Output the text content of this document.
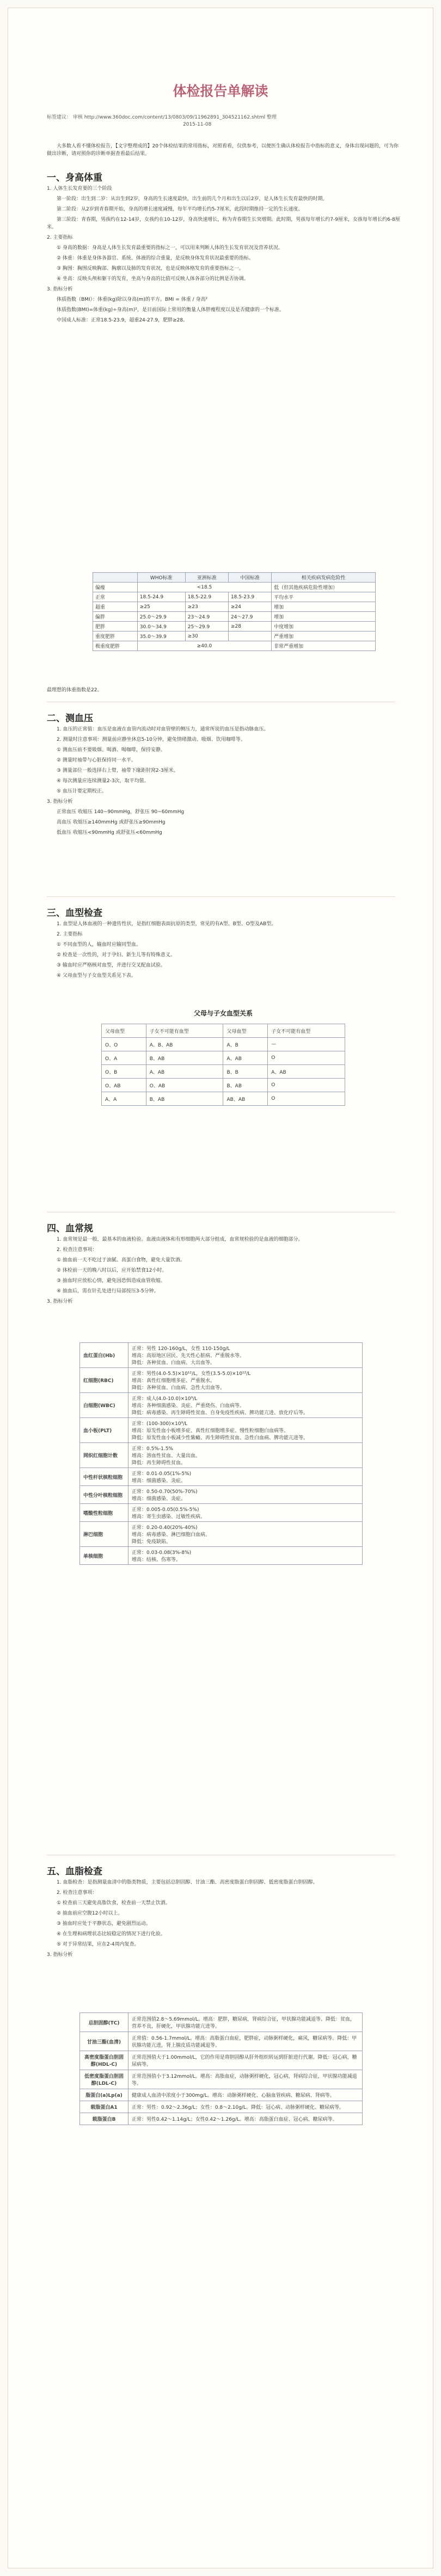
体检报告单解读
标签建议： 审核 http://www.360doc.com/content/13/0803/09/11962891_304521162.shtml 整理
2015-11-08

大多数人看不懂体检报告，【文字整理成的】20个体检结果的常用指标，对照看看，仅供参考，以便医生确认体检报告中指标的意义，身体出现问题的，可为你做出诊断，请对照你的诊断单据查看最后结果。

一、身高体重

1. 人体生长发育要的三个阶段

第一阶段：出生到二岁：从出生到2岁，身高的生长速度最快，出生前的几个月和出生以后2岁，是人体生长发育最快的时期。

第二阶段：从2岁到青春期开始，身高的增长速度减慢，每年平均增长约5-7厘米，此段时期维持一定的生长速度。

第三阶段：青春期，男孩约在12-14岁，女孩约在10-12岁，身高快速增长，称为青春期生长突增期。此时期，男孩每年增长约7-9厘米，女孩每年增长约6-8厘米。

2. 主要指标

① 身高的数据：身高是人体生长发育最重要的指标之一，可以用来判断人体的生长发育状况及营养状况。

② 体重：体重是身体各器官、系统、体液的综合重量，是反映身体发育状况最重要的指标。

③ 胸围：胸围反映胸部、胸廓以及肺的发育状况，也是反映体格发育的重要指标之一。

④ 坐高：反映头颅和躯干的发育，坐高与身高的比值可反映人体各部分的比例是否协调。

3. 指标分析

体质指数（BMI）：体重(kg)除以身高(m)的平方。BMI = 体重 / 身高²

体质指数(BMI)=体重(kg)÷身高(m)²，是目前国际上常用的衡量人体胖瘦程度以及是否健康的一个标准。

中国成人标准：正常18.5-23.9，超重24-27.9，肥胖≥28。

	WHO标准	亚洲标准	中国标准	相关疾病发病危险性
偏瘦	<18.5			低（但其他疾病危险性增加）
正常	18.5-24.9	18.5-22.9	18.5-23.9	平均水平
超重	≥25	≥23	≥24	增加
偏胖	25.0～29.9	23～24.9	24～27.9	增加
肥胖	30.0～34.9	25～29.9	≥28	中度增加
重度肥胖	35.0～39.9	≥30		严重增加
极重度肥胖	≥40.0			非常严重增加
最理想的体重指数是22。
二、测血压

1. 血压的正常值：血压是血液在血管内流动时对血管壁的侧压力，通常所说的血压是指动脉血压。

2. 测量时注意事项：测量前应静坐休息5-10分钟，避免情绪激动、吸烟、饮用咖啡等。

① 测血压前不要吸烟、喝酒、喝咖啡，保持安静。

② 测量时袖带与心脏保持同一水平。

③ 测量部位一般选择右上臂，袖带下缘距肘窝2-3厘米。

④ 每次测量应连续测量2-3次，取平均值。

⑤ 血压计要定期校正。

3. 指标分析

正常血压 收缩压 140~90mmHg，舒张压 90~60mmHg

高血压 收缩压≥140mmHg 或舒张压≥90mmHg

低血压 收缩压<90mmHg 或舒张压<60mmHg

三、血型检查

1. 血型是人体血液的一种遗传性状，是指红细胞表面抗原的类型，常见的有A型、B型、O型及AB型。

2. 主要指标

① 不同血型的人，输血时应输同型血。

② 检查是一次性的，对于孕妇、新生儿等有特殊意义。

③ 输血时应严格核对血型，并进行交叉配血试验。

④ 父母血型与子女血型关系见下表。

父母与子女血型关系
父母血型	子女不可能有血型	父母血型	子女不可能有血型
O、O	A、B、AB	A、B	—
O、A	B、AB	A、AB	O
O、B	A、AB	B、B	A、AB
O、AB	O、AB	B、AB	O
A、A	B、AB	AB、AB	O
四、血常规

1. 血常规是最一般，最基本的血液检验。血液由液体和有形细胞两大部分组成，血常规检验的是血液的细胞部分。

2. 检查注意事项：

① 抽血前一天不吃过于油腻、高蛋白食物，避免大量饮酒。

② 体检前一天的晚八时以后，应开始禁食12小时。

③ 抽血时应放松心情，避免因恐惧造成血管收缩。

④ 抽血后，需在针孔处进行局部按压3-5分钟。

3. 指标分析

血红蛋白(Hb)	正常：男性 120-160g/L，女性 110-150g/L
增高：高原地区居民、先天性心脏病、严重脱水等。
降低：各种贫血、白血病、大出血等。
红细胞(RBC)	正常：男性(4.0-5.5)×10¹²/L，女性(3.5-5.0)×10¹²/L
增高：真性红细胞增多症、严重脱水。
降低：各种贫血、白血病、急性大出血等。
白细胞(WBC)	正常：成人(4.0-10.0)×10⁹/L
增高：各种细菌感染、炎症、严重烧伤、白血病等。
降低：病毒感染、再生障碍性贫血、自身免疫性疾病、脾功能亢进、放化疗后等。
血小板(PLT)	正常：(100-300)×10⁹/L
增高：原发性血小板增多症、真性红细胞增多症、慢性粒细胞白血病等。
降低：原发性血小板减少性紫癜、再生障碍性贫血、急性白血病、脾功能亢进等。
网织红细胞计数	正常：0.5%-1.5%
增高：溶血性贫血、大量出血。
降低：再生障碍性贫血。
中性杆状核粒细胞	正常：0.01-0.05(1%-5%)
增高：细菌感染、炎症。
中性分叶核粒细胞	正常：0.50-0.70(50%-70%)
增高：细菌感染、炎症。
嗜酸性粒细胞	正常：0.005-0.05(0.5%-5%)
增高：寄生虫感染、过敏性疾病。
淋巴细胞	正常：0.20-0.40(20%-40%)
增高：病毒感染、淋巴细胞白血病。
降低：免疫缺陷。
单核细胞	正常：0.03-0.08(3%-8%)
增高：结核、伤寒等。
五、血脂检查

1. 血脂检查：是指测量血清中的脂类物质，主要包括总胆固醇、甘油三酯、高密度脂蛋白胆固醇、低密度脂蛋白胆固醇。

2. 检查注意事项：

① 检查前三天避免高脂饮食，检查前一天禁止饮酒。

② 抽血前应空腹12小时以上。

③ 抽血时应处于平静状态，避免剧烈运动。

④ 在生理和病理状态比较稳定的情况下进行化验。

⑤ 对于异常结果，应在2-4周内复查。

3. 指标分析

总胆固醇(TC)	正常范围值2.8～5.69mmol/L。增高：肥胖，糖尿病，肾病综合征，甲状腺功能减退等。降低：贫血，营养不良，肝硬化，甲状腺功能亢进等。
甘油三酯(血清)	正常值：0.56-1.7mmol/L。增高：高脂蛋白血症，肥胖症，动脉粥样硬化，痛风，糖尿病等。降低：甲状腺功能亢进，肾上腺皮质功能减退等。
高密度脂蛋白胆固醇(HDL-C)	正常范围值大于1.00mmol/L，它的作用是将胆固醇从肝外组织转运到肝脏进行代谢。降低：冠心病，糖尿病等。
低密度脂蛋白胆固醇(LDL-C)	正常范围值小于3.12mmol/L。增高：高脂血症，动脉粥样硬化，冠心病，肾病综合征，甲状腺功能减退等。
脂蛋白(a)Lp(a)	健康成人血清中浓度小于300mg/L。增高：动脉粥样硬化、心脑血管疾病、糖尿病、肾病等。
载脂蛋白A1	正常：男性：0.92～2.36g/L；女性：0.8～2.10g/L。降低：冠心病、动脉粥样硬化、糖尿病等。
载脂蛋白B	正常：男性0.42～1.14g/L；女性0.42～1.26g/L。增高：高脂蛋白血症、冠心病、糖尿病等。
